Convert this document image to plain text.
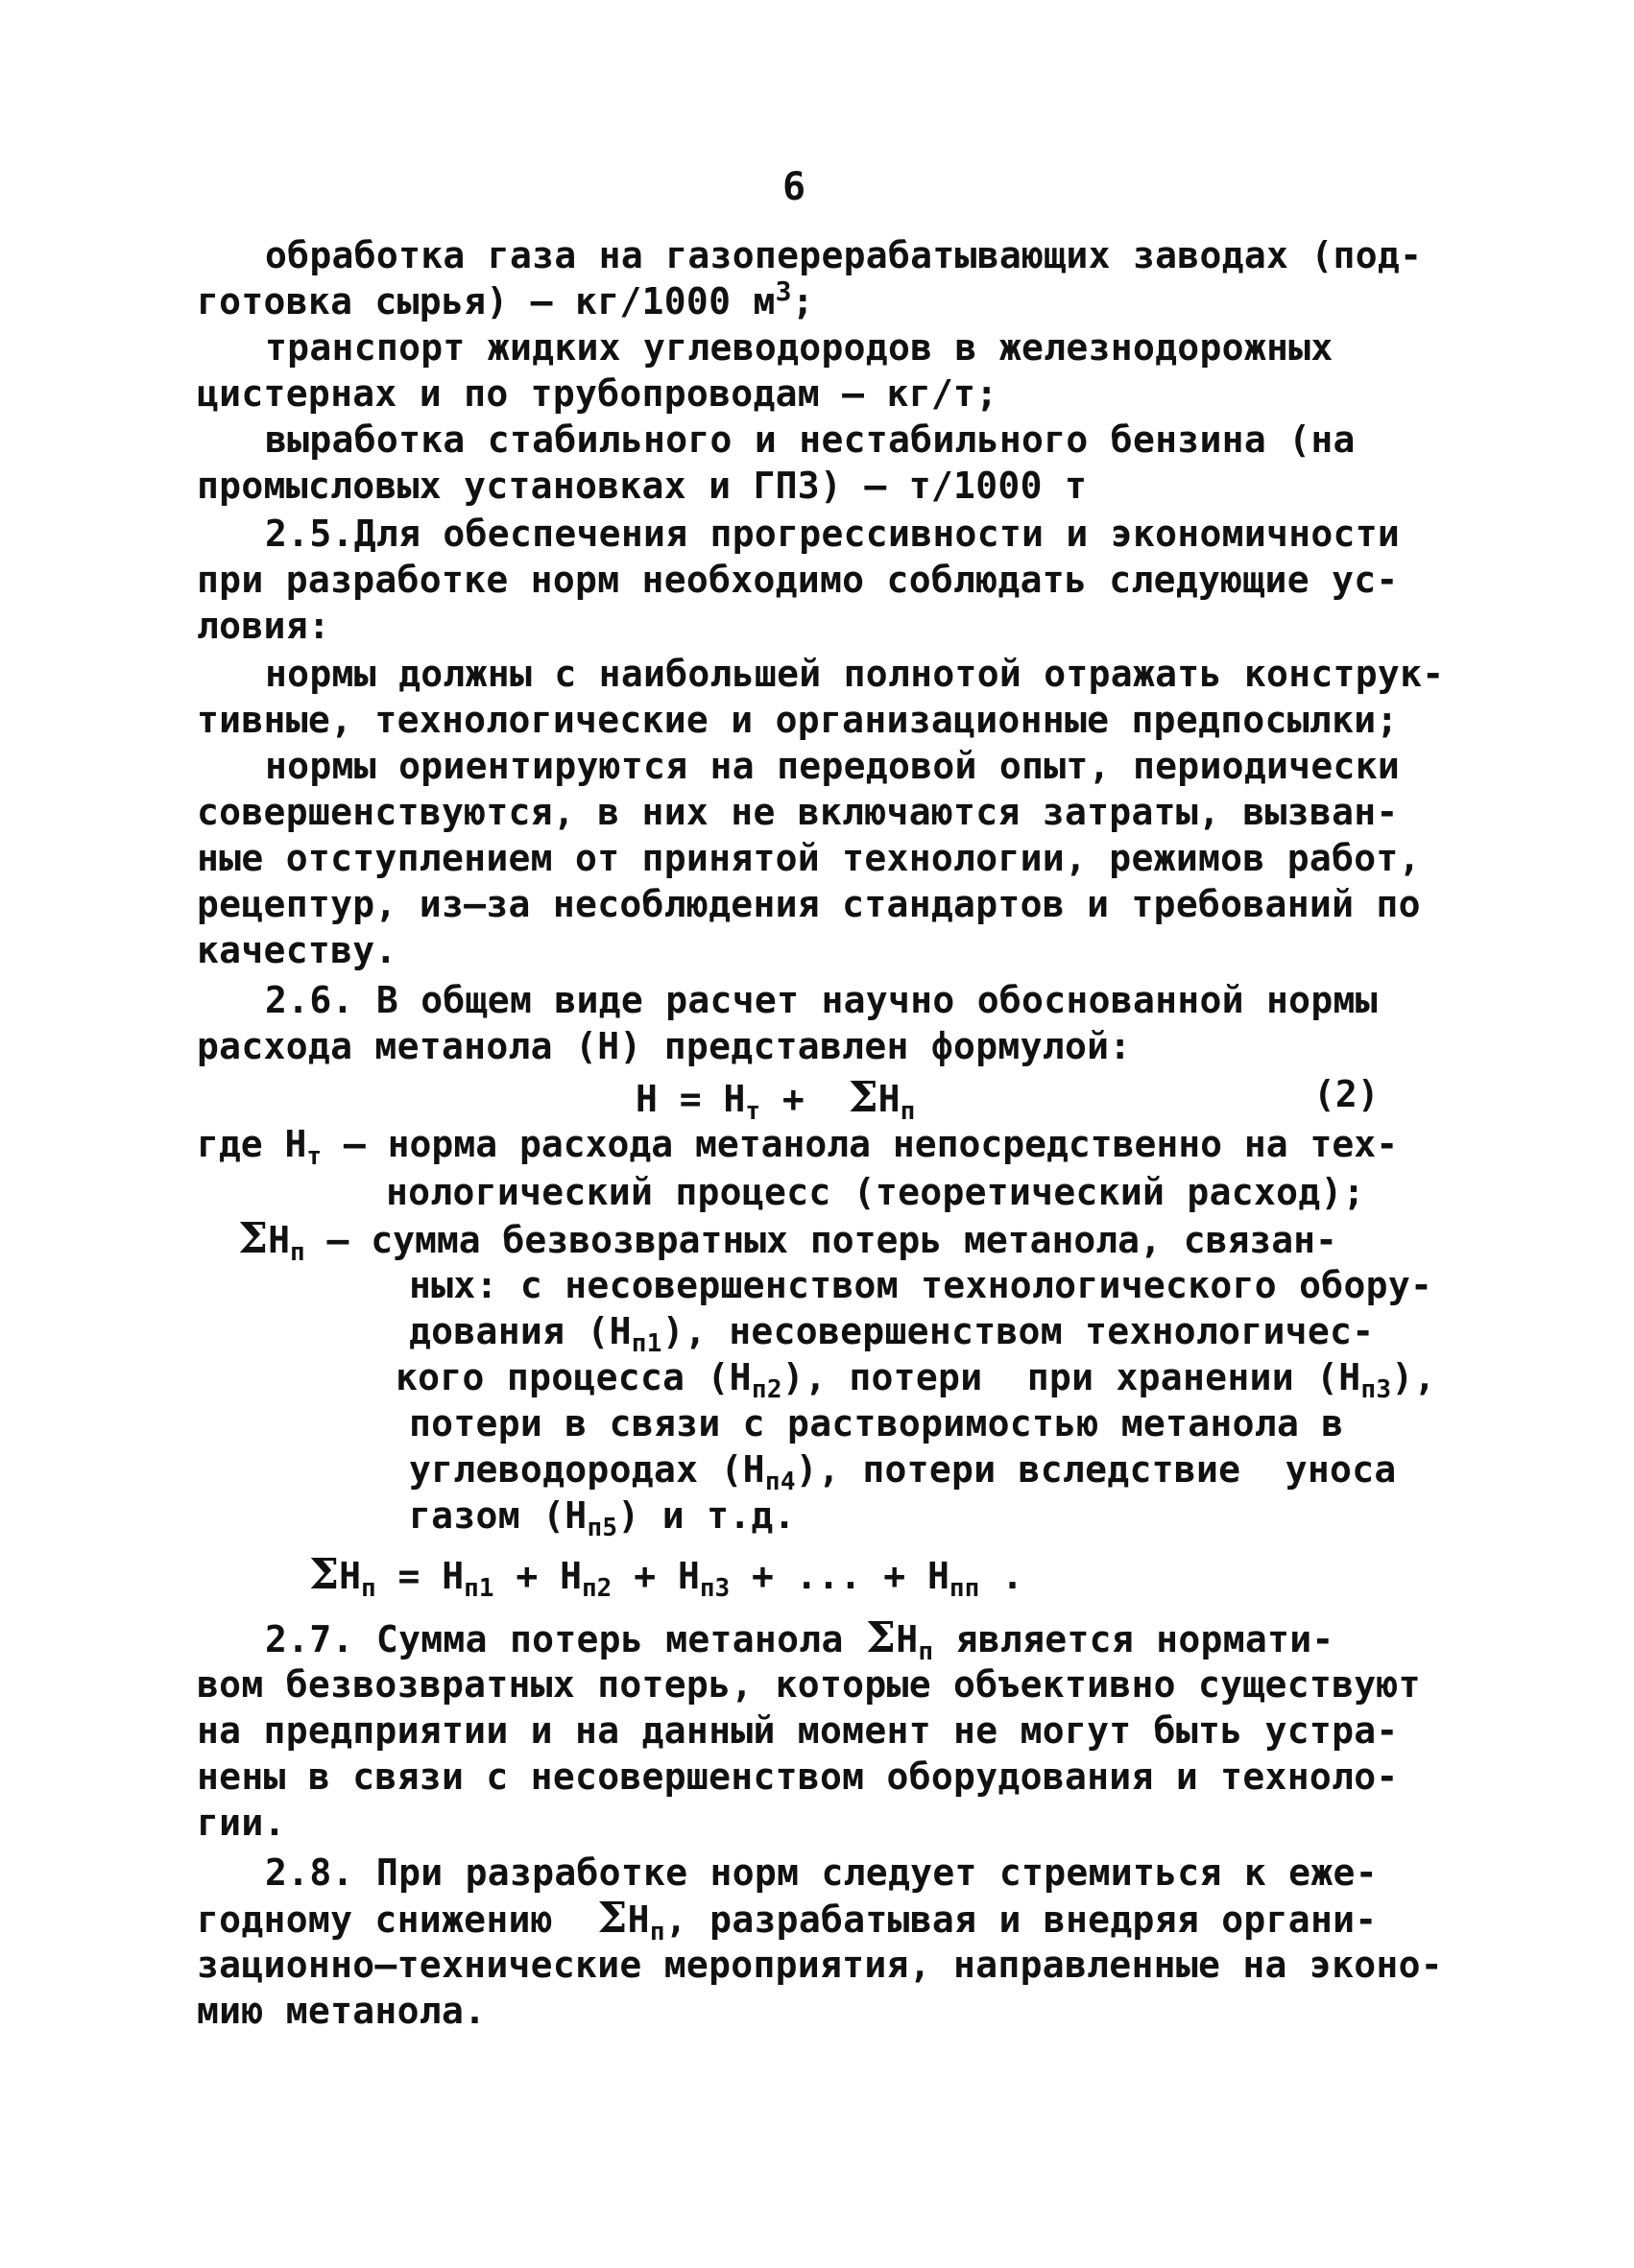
6
обработка газа на газоперерабатывающих заводах (под-
готовка сырья) – кг/1000 $м^3$;
транспорт жидких углеводородов в железнодорожных
цистернах и по трубопроводам – кг/т;
выработка стабильного и нестабильного бензина (на
промысловых установках и ГПЗ) – т/1000 т
2.5.Для обеспечения прогрессивности и экономичности
при разработке норм необходимо соблюдать следующие ус-
ловия:
нормы должны с наибольшей полнотой отражать конструк-
тивные, технологические и организационные предпосылки;
нормы ориентируются на передовой опыт, периодически
совершенствуются, в них не включаются затраты, вызван-
ные отступлением от принятой технологии, режимов работ,
рецептур, из–за несоблюдения стандартов и требований по
качеству.
2.6. В общем виде расчет научно обоснованной нормы
расхода метанола (Н) представлен формулой:
$Н = Н_т + \Sigma Н_п$	(2)
где $Н_т$ – норма расхода метанола непосредственно на тех-
нологический процесс (теоретический расход);
$\Sigma Н_п$ – сумма безвозвратных потерь метанола, связан-
ных: с несовершенством технологического обору-
дования $(Н_{п1})$, несовершенством технологичес-
кого процесса $(Н_{п2})$, потери  при хранении $(Н_{п3})$,
потери в связи с растворимостью метанола в
углеводородах $(Н_{п4})$, потери вследствие  уноса
газом $(Н_{п5})$ и т.д.
$\Sigma Н_п = Н_{п1} + Н_{п2} + Н_{п3}$ + ... + $Н_{пп}$ .
2.7. Сумма потерь метанола $\Sigma Н_п$ является нормати-
вом безвозвратных потерь, которые объективно существуют
на предприятии и на данный момент не могут быть устра-
нены в связи с несовершенством оборудования и техноло-
гии.
2.8. При разработке норм следует стремиться к еже-
годному снижению  $\Sigma Н_п$, разрабатывая и внедряя органи-
зационно–технические мероприятия, направленные на эконо-
мию метанола.
